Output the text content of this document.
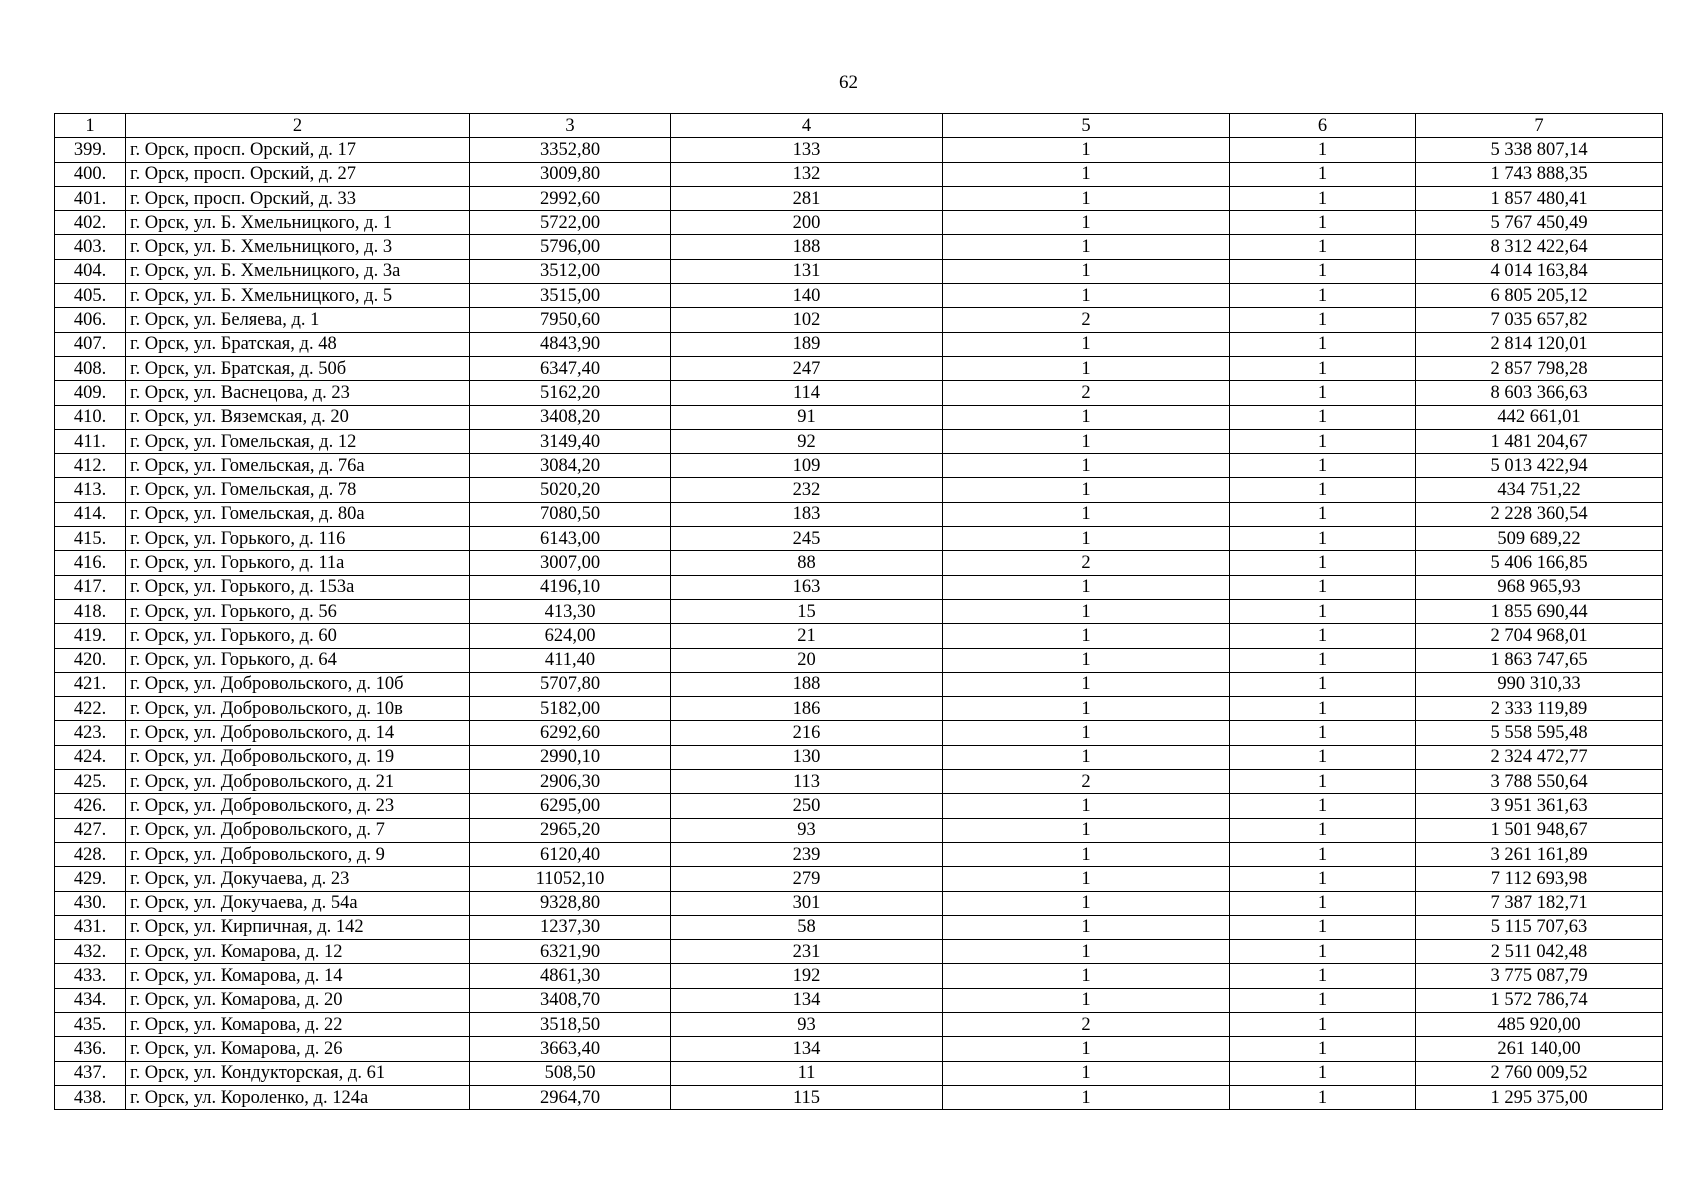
62
1	2	3	4	5	6	7
399.	г. Орск, просп. Орский, д. 17	3352,80	133	1	1	5 338 807,14
400.	г. Орск, просп. Орский, д. 27	3009,80	132	1	1	1 743 888,35
401.	г. Орск, просп. Орский, д. 33	2992,60	281	1	1	1 857 480,41
402.	г. Орск, ул. Б. Хмельницкого, д. 1	5722,00	200	1	1	5 767 450,49
403.	г. Орск, ул. Б. Хмельницкого, д. 3	5796,00	188	1	1	8 312 422,64
404.	г. Орск, ул. Б. Хмельницкого, д. 3а	3512,00	131	1	1	4 014 163,84
405.	г. Орск, ул. Б. Хмельницкого, д. 5	3515,00	140	1	1	6 805 205,12
406.	г. Орск, ул. Беляева, д. 1	7950,60	102	2	1	7 035 657,82
407.	г. Орск, ул. Братская, д. 48	4843,90	189	1	1	2 814 120,01
408.	г. Орск, ул. Братская, д. 50б	6347,40	247	1	1	2 857 798,28
409.	г. Орск, ул. Васнецова, д. 23	5162,20	114	2	1	8 603 366,63
410.	г. Орск, ул. Вяземская, д. 20	3408,20	91	1	1	442 661,01
411.	г. Орск, ул. Гомельская, д. 12	3149,40	92	1	1	1 481 204,67
412.	г. Орск, ул. Гомельская, д. 76а	3084,20	109	1	1	5 013 422,94
413.	г. Орск, ул. Гомельская, д. 78	5020,20	232	1	1	434 751,22
414.	г. Орск, ул. Гомельская, д. 80а	7080,50	183	1	1	2 228 360,54
415.	г. Орск, ул. Горького, д. 116	6143,00	245	1	1	509 689,22
416.	г. Орск, ул. Горького, д. 11а	3007,00	88	2	1	5 406 166,85
417.	г. Орск, ул. Горького, д. 153а	4196,10	163	1	1	968 965,93
418.	г. Орск, ул. Горького, д. 56	413,30	15	1	1	1 855 690,44
419.	г. Орск, ул. Горького, д. 60	624,00	21	1	1	2 704 968,01
420.	г. Орск, ул. Горького, д. 64	411,40	20	1	1	1 863 747,65
421.	г. Орск, ул. Добровольского, д. 10б	5707,80	188	1	1	990 310,33
422.	г. Орск, ул. Добровольского, д. 10в	5182,00	186	1	1	2 333 119,89
423.	г. Орск, ул. Добровольского, д. 14	6292,60	216	1	1	5 558 595,48
424.	г. Орск, ул. Добровольского, д. 19	2990,10	130	1	1	2 324 472,77
425.	г. Орск, ул. Добровольского, д. 21	2906,30	113	2	1	3 788 550,64
426.	г. Орск, ул. Добровольского, д. 23	6295,00	250	1	1	3 951 361,63
427.	г. Орск, ул. Добровольского, д. 7	2965,20	93	1	1	1 501 948,67
428.	г. Орск, ул. Добровольского, д. 9	6120,40	239	1	1	3 261 161,89
429.	г. Орск, ул. Докучаева, д. 23	11052,10	279	1	1	7 112 693,98
430.	г. Орск, ул. Докучаева, д. 54а	9328,80	301	1	1	7 387 182,71
431.	г. Орск, ул. Кирпичная, д. 142	1237,30	58	1	1	5 115 707,63
432.	г. Орск, ул. Комарова, д. 12	6321,90	231	1	1	2 511 042,48
433.	г. Орск, ул. Комарова, д. 14	4861,30	192	1	1	3 775 087,79
434.	г. Орск, ул. Комарова, д. 20	3408,70	134	1	1	1 572 786,74
435.	г. Орск, ул. Комарова, д. 22	3518,50	93	2	1	485 920,00
436.	г. Орск, ул. Комарова, д. 26	3663,40	134	1	1	261 140,00
437.	г. Орск, ул. Кондукторская, д. 61	508,50	11	1	1	2 760 009,52
438.	г. Орск, ул. Короленко, д. 124а	2964,70	115	1	1	1 295 375,00
